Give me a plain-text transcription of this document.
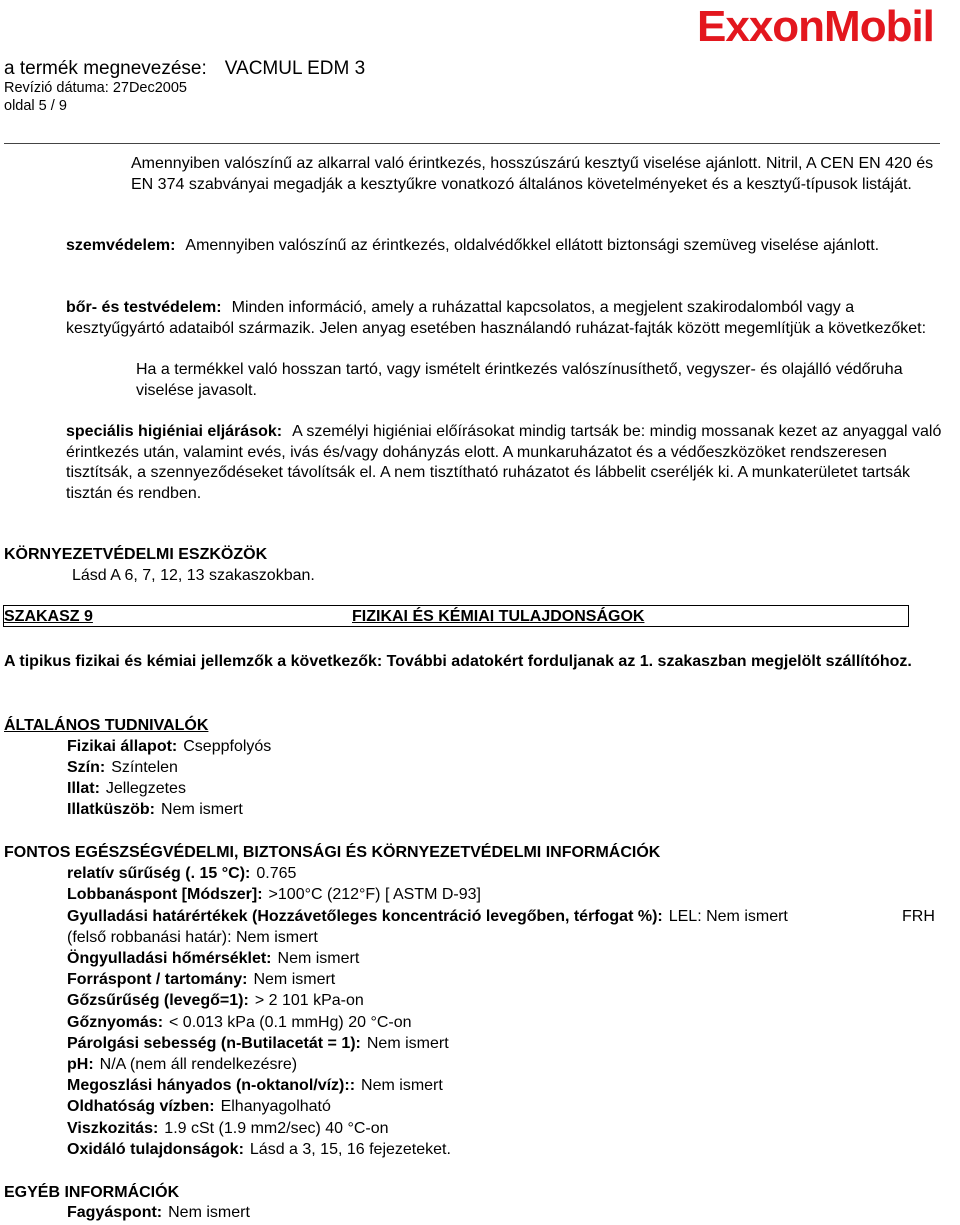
ExxonMobil
a termék megnevezése: VACMUL EDM 3
Revízió dátuma: 27Dec2005
oldal 5 / 9

Amennyiben valószínű az alkarral való érintkezés, hosszúszárú kesztyű viselése ajánlott. Nitril, A CEN EN 420 és EN 374 szabványai megadják a kesztyűkre vonatkozó általános követelményeket és a kesztyű-típusok listáját.

szemvédelem: Amennyiben valószínű az érintkezés, oldalvédőkkel ellátott biztonsági szemüveg viselése ajánlott.

bőr- és testvédelem: Minden információ, amely a ruházattal kapcsolatos, a megjelent szakirodalomból vagy a kesztyűgyártó adataiból származik. Jelen anyag esetében használandó ruházat-fajták között megemlítjük a következőket:

Ha a termékkel való hosszan tartó, vagy ismételt érintkezés valószínusíthető, vegyszer- és olajálló védőruha viselése javasolt.

speciális higiéniai eljárások: A személyi higiéniai előírásokat mindig tartsák be: mindig mossanak kezet az anyaggal való érintkezés után, valamint evés, ivás és/vagy dohányzás elott. A munkaruházatot és a védőeszközöket rendszeresen tisztítsák, a szennyeződéseket távolítsák el. A nem tisztítható ruházatot és lábbelit cseréljék ki. A munkaterületet tartsák tisztán és rendben.

KÖRNYEZETVÉDELMI ESZKÖZÖK
Lásd A 6, 7, 12, 13 szakaszokban.
SZAKASZ 9	FIZIKAI ÉS KÉMIAI TULAJDONSÁGOK

A tipikus fizikai és kémiai jellemzők a következők: További adatokért forduljanak az 1. szakaszban megjelölt szállítóhoz.

ÁLTALÁNOS TUDNIVALÓK
Fizikai állapot: Cseppfolyós
Szín: Színtelen
Illat: Jellegzetes
Illatküszöb: Nem ismert
FONTOS EGÉSZSÉGVÉDELMI, BIZTONSÁGI ÉS KÖRNYEZETVÉDELMI INFORMÁCIÓK
relatív sűrűség (. 15 °C): 0.765
Lobbanáspont [Módszer]: >100°C (212°F) [ ASTM D-93]
Gyulladási határértékek (Hozzávetőleges koncentráció levegőben, térfogat %): LEL: Nem ismert	FRH
(felső robbanási határ): Nem ismert
Öngyulladási hőmérséklet: Nem ismert
Forráspont / tartomány: Nem ismert
Gőzsűrűség (levegő=1): > 2 101 kPa-on
Gőznyomás: < 0.013 kPa (0.1 mmHg) 20 °C-on
Párolgási sebesség (n-Butilacetát = 1): Nem ismert
pH: N/A (nem áll rendelkezésre)
Megoszlási hányados (n-oktanol/víz):: Nem ismert
Oldhatóság vízben: Elhanyagolható
Viszkozitás: 1.9 cSt (1.9 mm2/sec) 40 °C-on
Oxidáló tulajdonságok: Lásd a 3, 15, 16 fejezeteket.
EGYÉB INFORMÁCIÓK
Fagyáspont: Nem ismert
